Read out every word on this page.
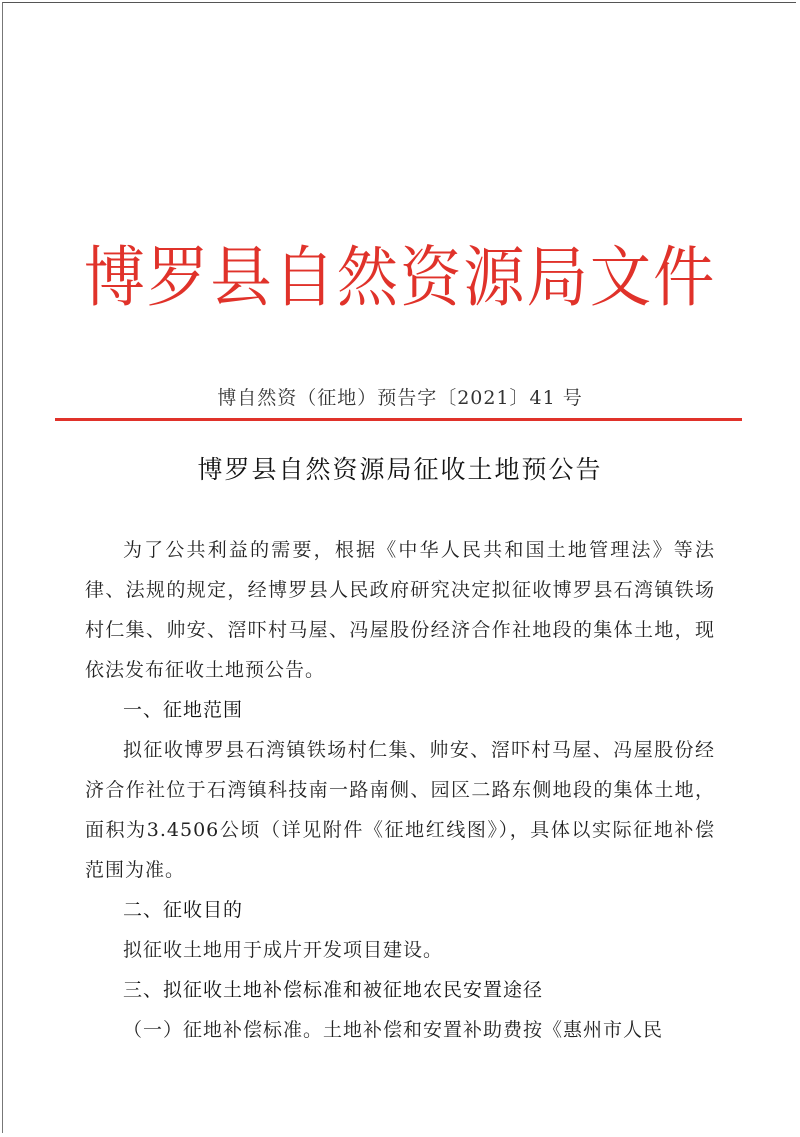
博罗县自然资源局文件
博自然资（征地）预告字〔2021〕41 号
博罗县自然资源局征收土地预公告

为了公共利益的需要，根据《中华人民共和国土地管理法》等法律、法规的规定，经博罗县人民政府研究决定拟征收博罗县石湾镇铁场村仁集、帅安、滘吓村马屋、冯屋股份经济合作社地段的集体土地，现依法发布征收土地预公告。

一、征地范围

拟征收博罗县石湾镇铁场村仁集、帅安、滘吓村马屋、冯屋股份经济合作社位于石湾镇科技南一路南侧、园区二路东侧地段的集体土地，面积为3.4506公顷（详见附件《征地红线图》），具体以实际征地补偿范围为准。

二、征收目的

拟征收土地用于成片开发项目建设。

三、拟征收土地补偿标准和被征地农民安置途径

（一）征地补偿标准。土地补偿和安置补助费按《惠州市人民
